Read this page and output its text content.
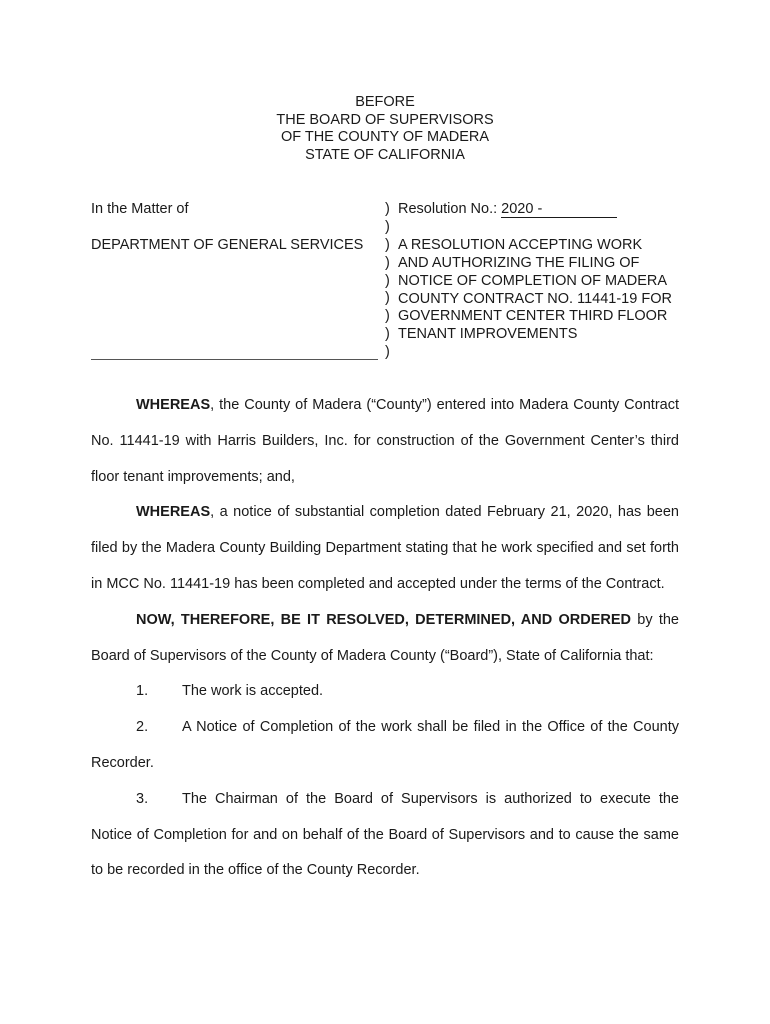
BEFORE
THE BOARD OF SUPERVISORS
OF THE COUNTY OF MADERA
STATE OF CALIFORNIA
In the Matter of
DEPARTMENT OF GENERAL SERVICES
)
)
)
)
)
)
)
)
)
Resolution No.: 2020 -
A RESOLUTION ACCEPTING WORK
AND AUTHORIZING THE FILING OF
NOTICE OF COMPLETION OF MADERA
COUNTY CONTRACT NO. 11441-19 FOR
GOVERNMENT CENTER THIRD FLOOR
TENANT IMPROVEMENTS

WHEREAS, the County of Madera (“County”) entered into Madera County Contract No. 11441-19 with Harris Builders, Inc. for construction of the Government Center’s third floor tenant improvements; and,

WHEREAS, a notice of substantial completion dated February 21, 2020, has been filed by the Madera County Building Department stating that he work specified and set forth in MCC No. 11441-19 has been completed and accepted under the terms of the Contract.

NOW, THEREFORE, BE IT RESOLVED, DETERMINED, AND ORDERED by the Board of Supervisors of the County of Madera County (“Board”), State of California that:

1. The work is accepted.

2. A Notice of Completion of the work shall be filed in the Office of the County Recorder.

3. The Chairman of the Board of Supervisors is authorized to execute the Notice of Completion for and on behalf of the Board of Supervisors and to cause the same to be recorded in the office of the County Recorder.
